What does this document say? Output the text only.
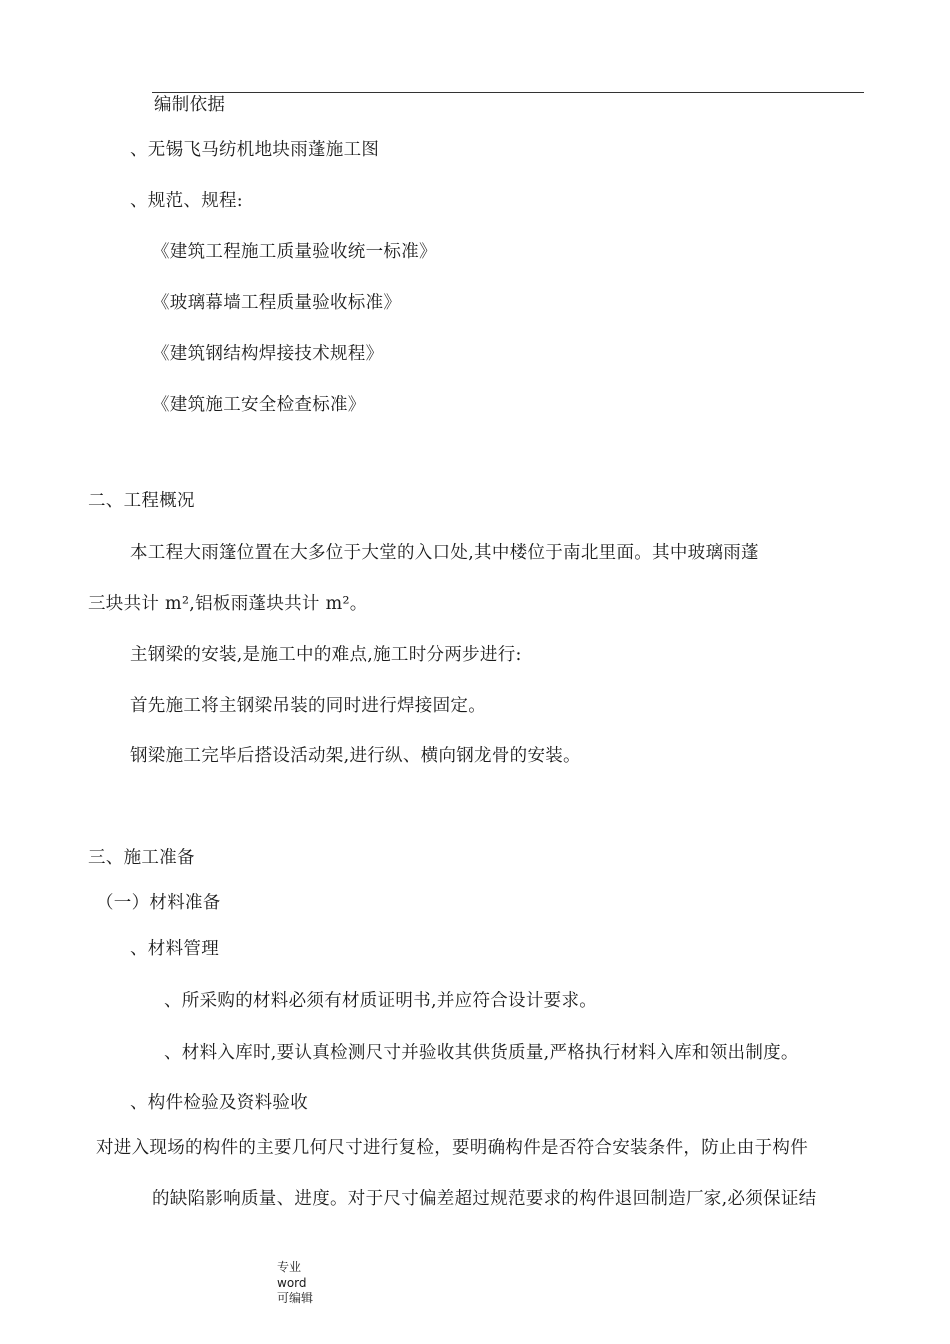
编制依据
、无锡飞马纺机地块雨蓬施工图
、规范、规程:
《建筑工程施工质量验收统一标准》
《玻璃幕墙工程质量验收标准》
《建筑钢结构焊接技术规程》
《建筑施工安全检查标准》
二、工程概况
本工程大雨篷位置在大多位于大堂的入口处,其中楼位于南北里面。其中玻璃雨蓬
三块共计 m²,铝板雨蓬块共计 m²。
主钢梁的安装,是施工中的难点,施工时分两步进行:
首先施工将主钢梁吊装的同时进行焊接固定。
钢梁施工完毕后搭设活动架,进行纵、横向钢龙骨的安装。
三、施工准备
（一）材料准备
、材料管理
、所采购的材料必须有材质证明书,并应符合设计要求。
、材料入库时,要认真检测尺寸并验收其供货质量,严格执行材料入库和领出制度。
、构件检验及资料验收
对进入现场的构件的主要几何尺寸进行复检，要明确构件是否符合安装条件，防止由于构件
的缺陷影响质量、进度。对于尺寸偏差超过规范要求的构件退回制造厂家,必须保证结
专业
word
可编辑
